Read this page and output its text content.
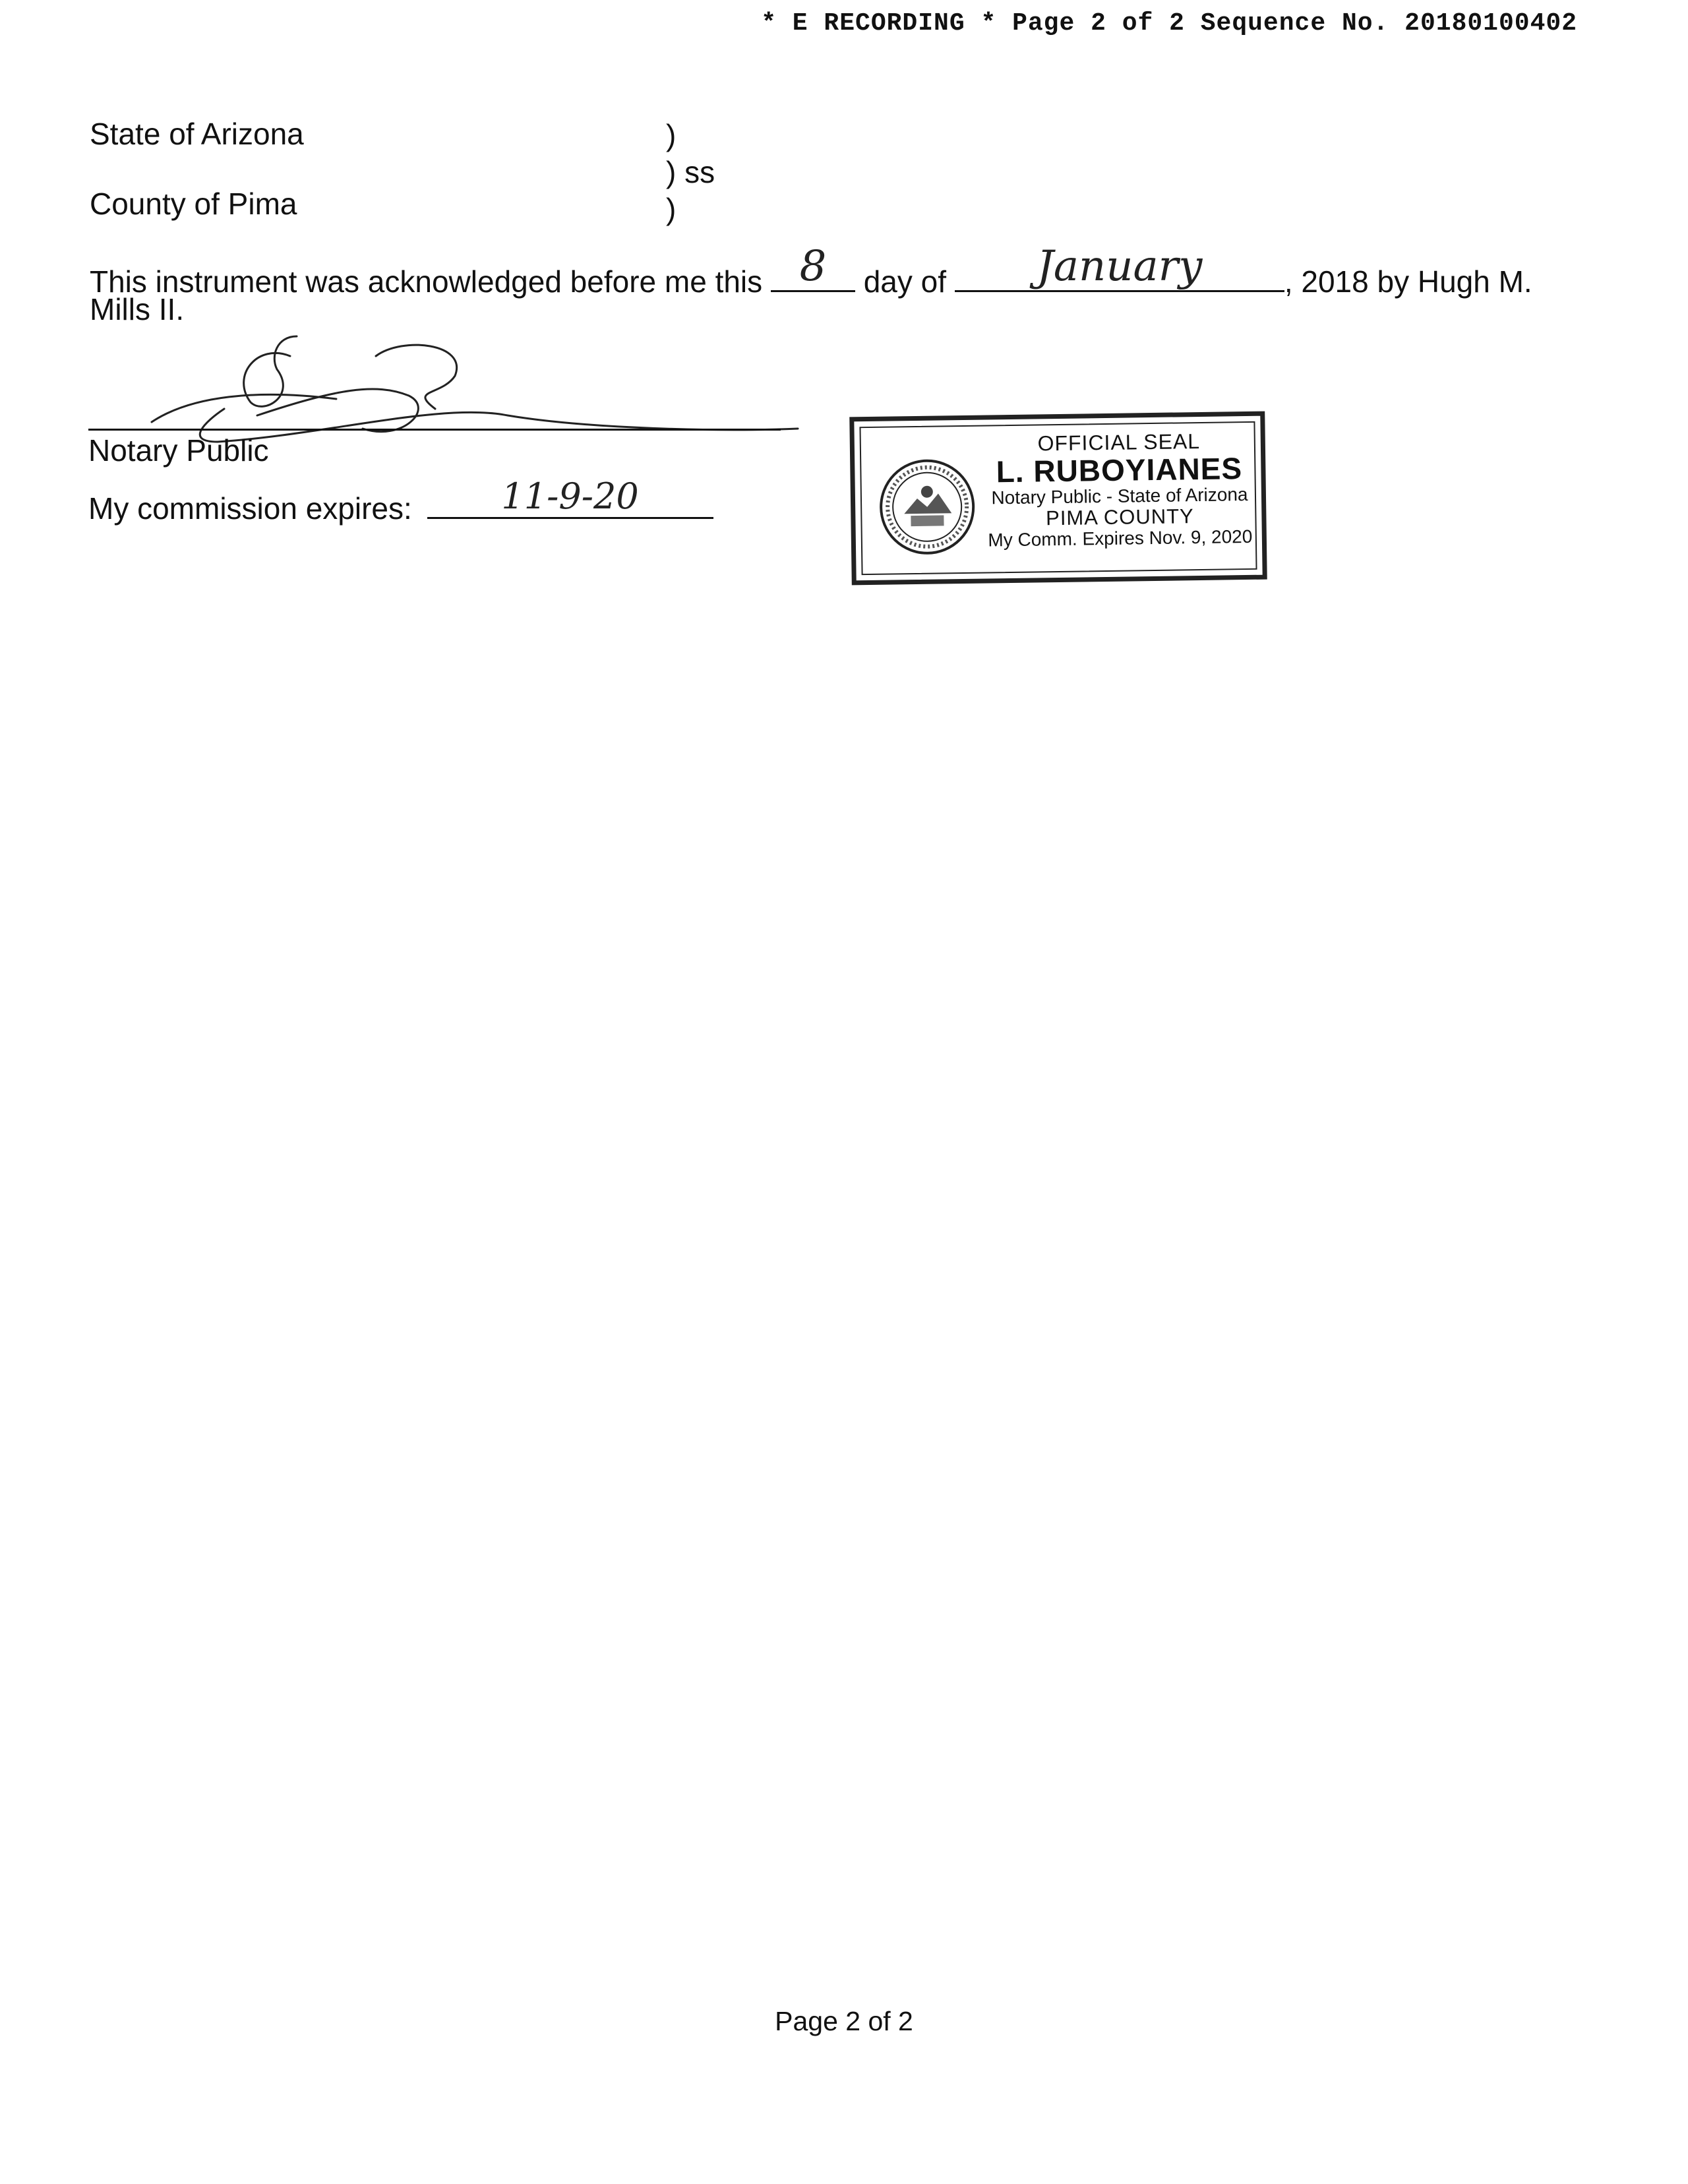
* E RECORDING * Page 2 of 2 Sequence No. 20180100402
State of Arizona	)
) ss
County of Pima	)
This instrument was acknowledged before me this 8	day of	January	, 2018 by Hugh M.
Mills II.
Notary Public
My commission expires:	11-9-20
OFFICIAL SEAL
L. RUBOYIANES
Notary Public - State of Arizona
PIMA COUNTY
My Comm. Expires Nov. 9, 2020
Page 2 of 2
